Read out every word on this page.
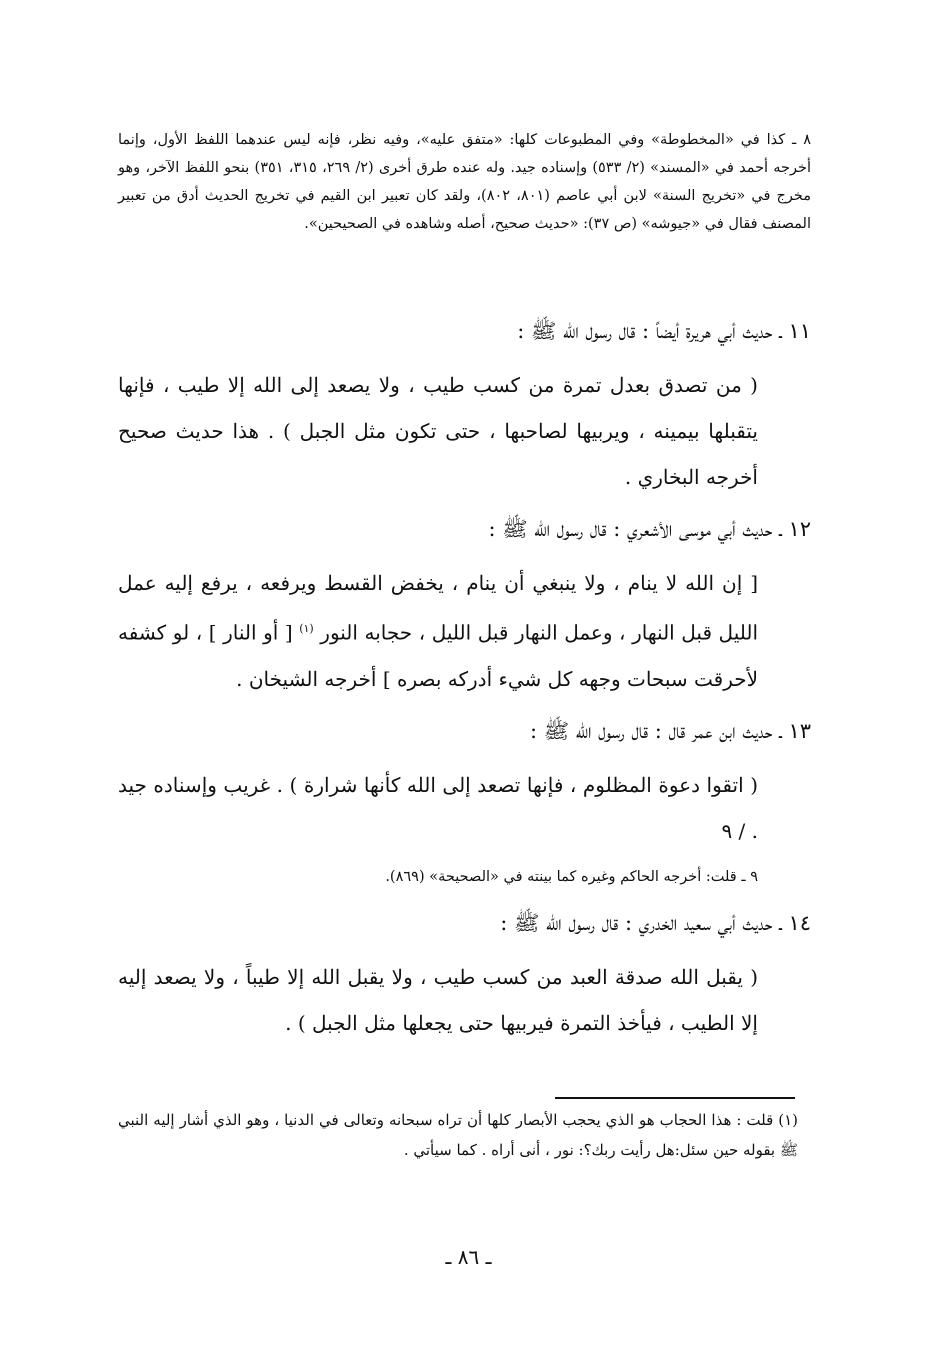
٨ ـ كذا في «المخطوطة» وفي المطبوعات كلها: «متفق عليه»، وفيه نظر، فإنه ليس عندهما اللفظ الأول، وإنما أخرجه أحمد في «المسند» (٢/ ٥٣٣) وإسناده جيد. وله عنده طرق أخرى (٢/ ٢٦٩، ٣١٥، ٣٥١) بنحو اللفظ الآخر، وهو مخرج في «تخريج السنة» لابن أبي عاصم (٨٠١، ٨٠٢)، ولقد كان تعبير ابن القيم في تخريج الحديث أدق من تعبير المصنف فقال في «جيوشه» (ص ٣٧): «حديث صحيح، أصله وشاهده في الصحيحين».

١١ ـ حديث أبي هريرة أيضاً : قال رسول الله ﷺ :

( من تصدق بعدل تمرة من كسب طيب ، ولا يصعد إلى الله إلا طيب ، فإنها يتقبلها بيمينه ، ويربيها لصاحبها ، حتى تكون مثل الجبل ) . هذا حديث صحيح أخرجه البخاري .

١٢ ـ حديث أبي موسى الأشعري : قال رسول الله ﷺ :

[ إن الله لا ينام ، ولا ينبغي أن ينام ، يخفض القسط ويرفعه ، يرفع إليه عمل الليل قبل النهار ، وعمل النهار قبل الليل ، حجابه النور $^{(١)}$ [ أو النار ] ، لو كشفه لأحرقت سبحات وجهه كل شيء أدركه بصره ] أخرجه الشيخان .

١٣ ـ حديث ابن عمر قال : قال رسول الله ﷺ :

( اتقوا دعوة المظلوم ، فإنها تصعد إلى الله كأنها شرارة ) . غريب وإسناده جيد . / ٩

٩ ـ قلت: أخرجه الحاكم وغيره كما بينته في «الصحيحة» (٨٦٩).

١٤ ـ حديث أبي سعيد الخدري : قال رسول الله ﷺ :

( يقبل الله صدقة العبد من كسب طيب ، ولا يقبل الله إلا طيباً ، ولا يصعد إليه إلا الطيب ، فيأخذ التمرة فيربيها حتى يجعلها مثل الجبل ) .

(١) قلت : هذا الحجاب هو الذي يحجب الأبصار كلها أن تراه سبحانه وتعالى في الدنيا ، وهو الذي أشار إليه النبي ﷺ بقوله حين سئل:هل رأيت ربك؟: نور ، أنى أراه . كما سيأتي .
ـ ٨٦ ـ
